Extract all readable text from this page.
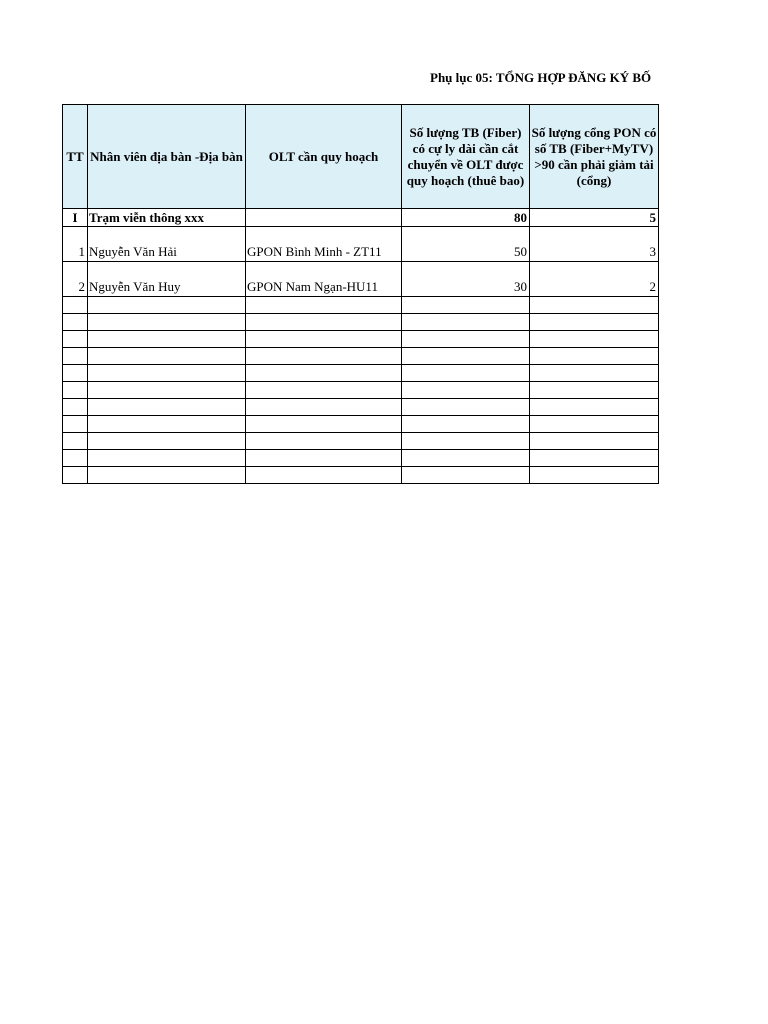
Phụ lục 05: TỔNG HỢP ĐĂNG KÝ BỐ
TT	Nhân viên địa bàn -Địa bàn	OLT cần quy hoạch	Số lượng TB (Fiber) có cự ly dài cần cắt chuyển về OLT được quy hoạch (thuê bao)	Số lượng cổng PON có số TB (Fiber+MyTV) >90 cần phải giảm tải (cổng)
I	Trạm viễn thông xxx		80	5
1	Nguyễn Văn Hải	GPON Bình Minh - ZT11	50	3
2	Nguyễn Văn Huy	GPON Nam Ngạn-HU11	30	2
